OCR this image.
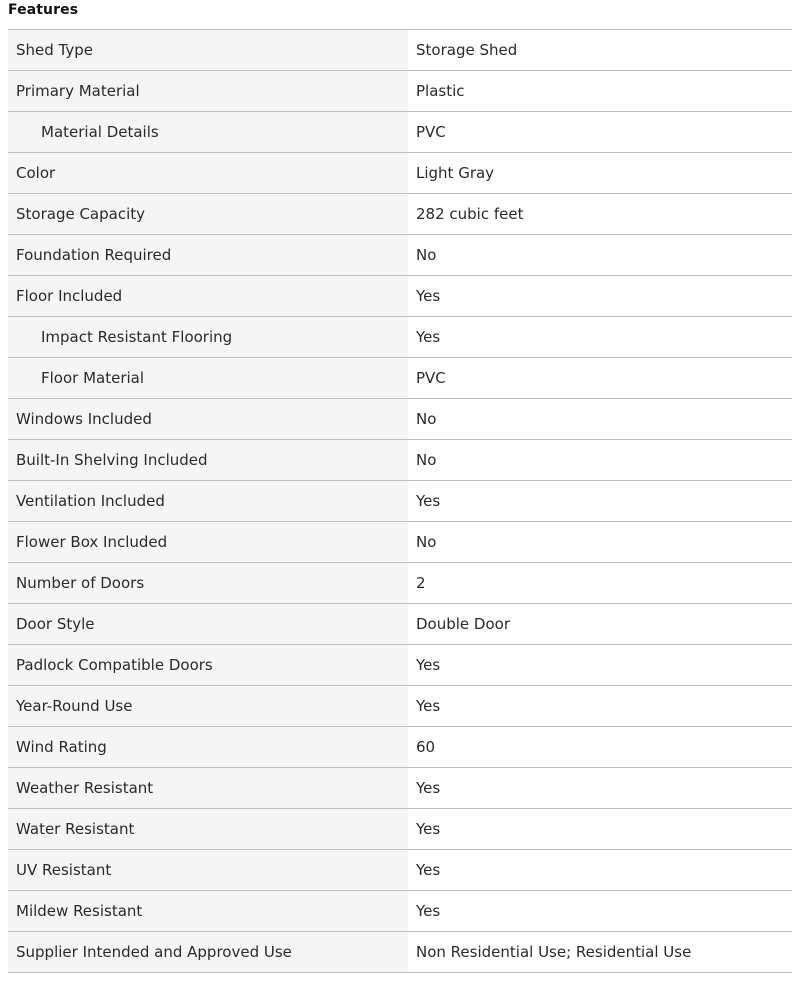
Features
Shed Type	Storage Shed
Primary Material	Plastic
Material Details	PVC
Color	Light Gray
Storage Capacity	282 cubic feet
Foundation Required	No
Floor Included	Yes
Impact Resistant Flooring	Yes
Floor Material	PVC
Windows Included	No
Built-In Shelving Included	No
Ventilation Included	Yes
Flower Box Included	No
Number of Doors	2
Door Style	Double Door
Padlock Compatible Doors	Yes
Year-Round Use	Yes
Wind Rating	60
Weather Resistant	Yes
Water Resistant	Yes
UV Resistant	Yes
Mildew Resistant	Yes
Supplier Intended and Approved Use	Non Residential Use; Residential Use
